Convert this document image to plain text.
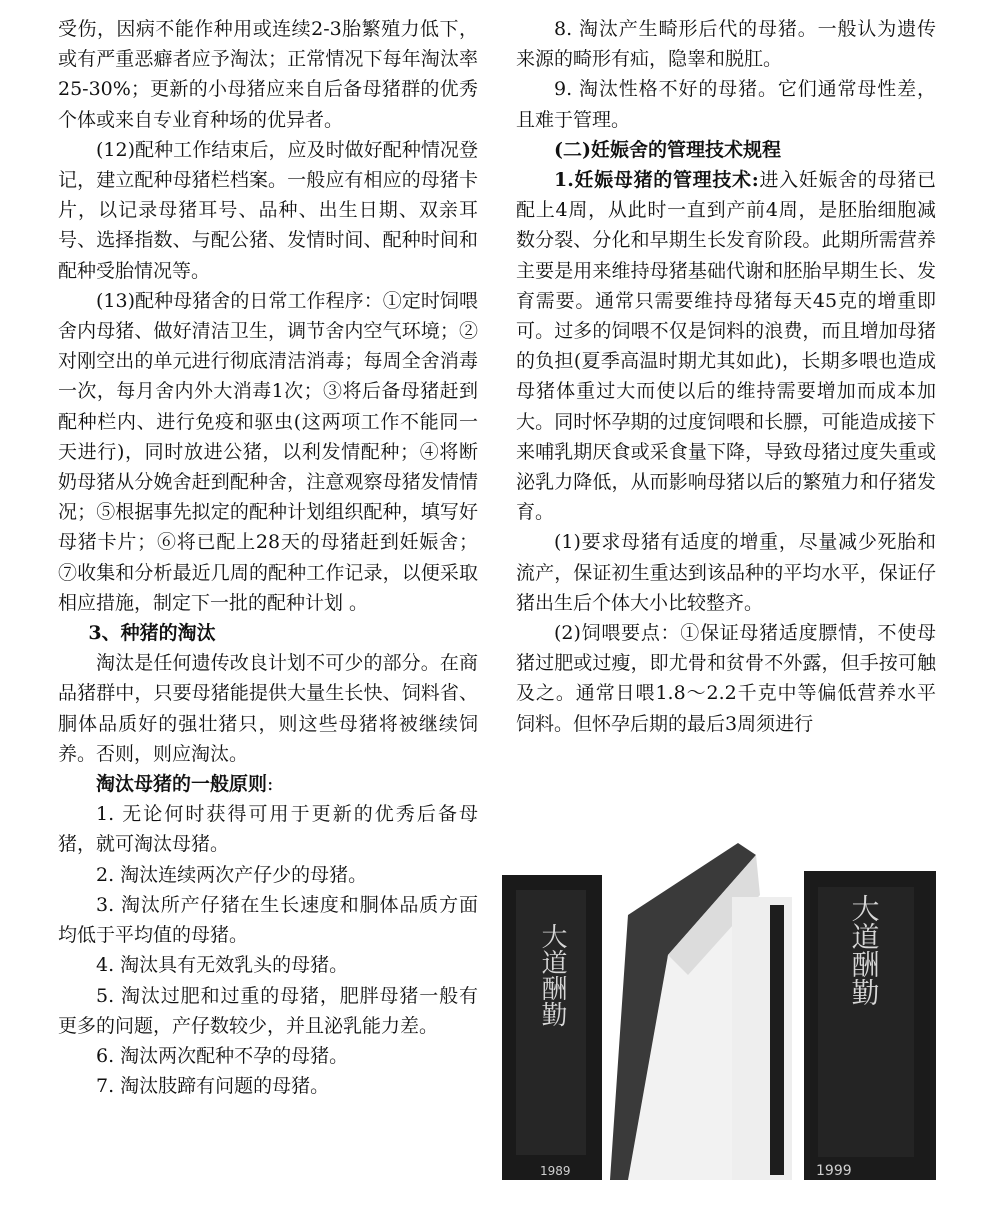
受伤，因病不能作种用或连续2-3胎繁殖力低下，或有严重恶癖者应予淘汰；正常情况下每年淘汰率25-30%；更新的小母猪应来自后备母猪群的优秀个体或来自专业育种场的优异者。

(12)配种工作结束后，应及时做好配种情况登记，建立配种母猪栏档案。一般应有相应的母猪卡片，以记录母猪耳号、品种、出生日期、双亲耳号、选择指数、与配公猪、发情时间、配种时间和配种受胎情况等。

(13)配种母猪舍的日常工作程序：①定时饲喂舍内母猪、做好清洁卫生，调节舍内空气环境；②对刚空出的单元进行彻底清洁消毒；每周全舍消毒一次，每月舍内外大消毒1次；③将后备母猪赶到配种栏内、进行免疫和驱虫(这两项工作不能同一天进行)，同时放进公猪，以利发情配种；④将断奶母猪从分娩舍赶到配种舍，注意观察母猪发情情况；⑤根据事先拟定的配种计划组织配种，填写好母猪卡片；⑥将已配上28天的母猪赶到妊娠舍；⑦收集和分析最近几周的配种工作记录，以便采取相应措施，制定下一批的配种计划 。

3、种猪的淘汰

淘汰是任何遗传改良计划不可少的部分。在商品猪群中，只要母猪能提供大量生长快、饲料省、胴体品质好的强壮猪只，则这些母猪将被继续饲养。否则，则应淘汰。

淘汰母猪的一般原则:

1. 无论何时获得可用于更新的优秀后备母猪，就可淘汰母猪。

2. 淘汰连续两次产仔少的母猪。

3. 淘汰所产仔猪在生长速度和胴体品质方面均低于平均值的母猪。

4. 淘汰具有无效乳头的母猪。

5. 淘汰过肥和过重的母猪，肥胖母猪一般有更多的问题，产仔数较少，并且泌乳能力差。

6. 淘汰两次配种不孕的母猪。

7. 淘汰肢蹄有问题的母猪。

8. 淘汰产生畸形后代的母猪。一般认为遗传来源的畸形有疝，隐睾和脱肛。

9. 淘汰性格不好的母猪。它们通常母性差，且难于管理。

(二)妊娠舍的管理技术规程

1.妊娠母猪的管理技术:进入妊娠舍的母猪已配上4周，从此时一直到产前4周，是胚胎细胞减数分裂、分化和早期生长发育阶段。此期所需营养主要是用来维持母猪基础代谢和胚胎早期生长、发育需要。通常只需要维持母猪每天45克的增重即可。过多的饲喂不仅是饲料的浪费，而且增加母猪的负担(夏季高温时期尤其如此)，长期多喂也造成母猪体重过大而使以后的维持需要增加而成本加大。同时怀孕期的过度饲喂和长膘，可能造成接下来哺乳期厌食或采食量下降，导致母猪过度失重或泌乳力降低，从而影响母猪以后的繁殖力和仔猪发育。

(1)要求母猪有适度的增重，尽量减少死胎和流产，保证初生重达到该品种的平均水平，保证仔猪出生后个体大小比较整齐。

(2)饲喂要点：①保证母猪适度膘情，不使母猪过肥或过瘦，即尤骨和贫骨不外露，但手按可触及之。通常日喂1.8～2.2千克中等偏低营养水平饲料。但怀孕后期的最后3周须进行

大道酬勤	大道酬勤
1989	1999
